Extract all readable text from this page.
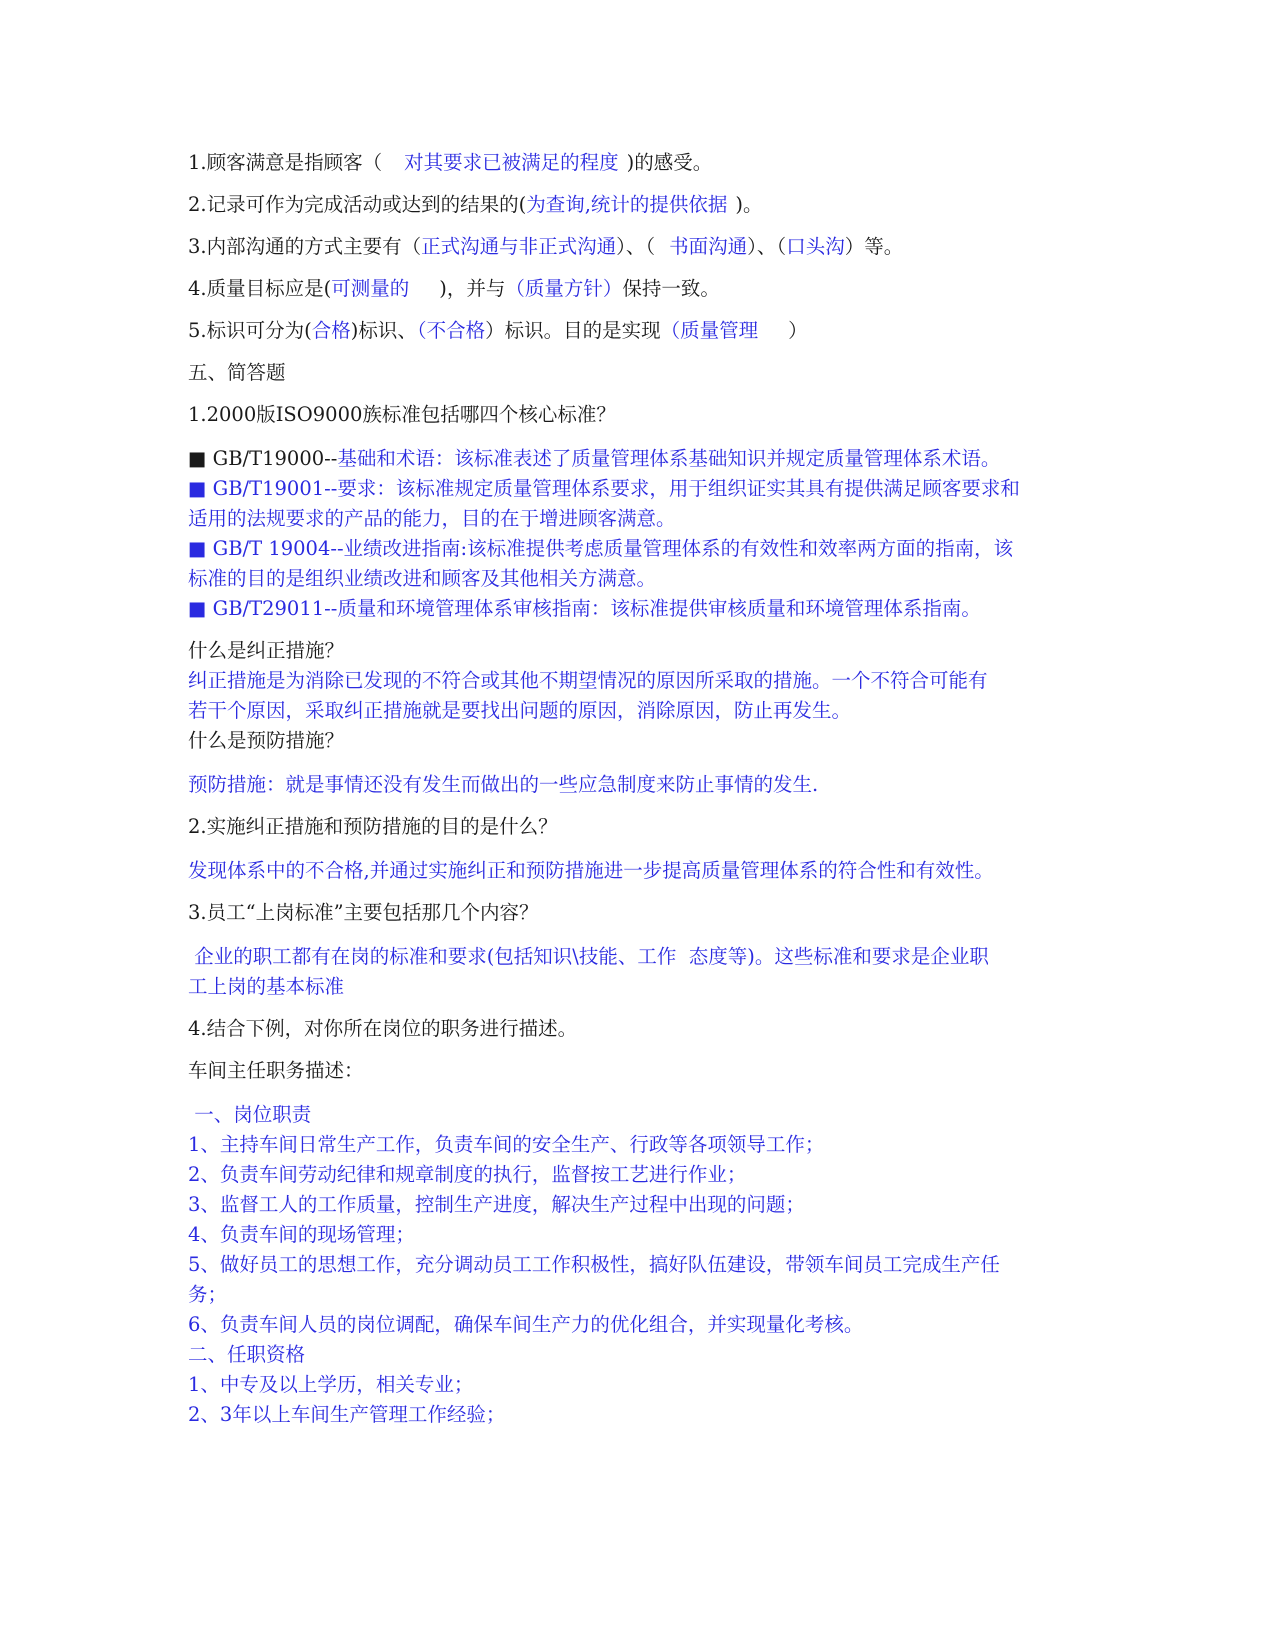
1.顾客满意是指顾客（ 对其要求已被满足的程度 )的感受。
2.记录可作为完成活动或达到的结果的(为查询,统计的提供依据 )。
3.内部沟通的方式主要有（正式沟通与非正式沟通）、（ 书面沟通）、（口头沟）等。
4.质量目标应是(可测量的 )，并与（质量方针）保持一致。
5.标识可分为(合格)标识、（不合格）标识。目的是实现（质量管理 ）
五、简答题
1.2000版ISO9000族标准包括哪四个核心标准？
■ GB/T19000--基础和术语：该标准表述了质量管理体系基础知识并规定质量管理体系术语。
■ GB/T19001--要求：该标准规定质量管理体系要求，用于组织证实其具有提供满足顾客要求和
适用的法规要求的产品的能力，目的在于增进顾客满意。
■ GB/T 19004--业绩改进指南:该标准提供考虑质量管理体系的有效性和效率两方面的指南，该
标准的目的是组织业绩改进和顾客及其他相关方满意。
■ GB/T29011--质量和环境管理体系审核指南：该标准提供审核质量和环境管理体系指南。
什么是纠正措施？
纠正措施是为消除已发现的不符合或其他不期望情况的原因所采取的措施。一个不符合可能有
若干个原因，采取纠正措施就是要找出问题的原因，消除原因，防止再发生。
什么是预防措施？
预防措施：就是事情还没有发生而做出的一些应急制度来防止事情的发生.
2.实施纠正措施和预防措施的目的是什么？
发现体系中的不合格,并通过实施纠正和预防措施进一步提高质量管理体系的符合性和有效性。
3.员工“上岗标准”主要包括那几个内容？
企业的职工都有在岗的标准和要求(包括知识\技能、工作  态度等)。这些标准和要求是企业职
工上岗的基本标准
4.结合下例，对你所在岗位的职务进行描述。
车间主任职务描述：
一、岗位职责
1、主持车间日常生产工作，负责车间的安全生产、行政等各项领导工作；
2、负责车间劳动纪律和规章制度的执行，监督按工艺进行作业；
3、监督工人的工作质量，控制生产进度，解决生产过程中出现的问题；
4、负责车间的现场管理；
5、做好员工的思想工作，充分调动员工工作积极性，搞好队伍建设，带领车间员工完成生产任
务；
6、负责车间人员的岗位调配，确保车间生产力的优化组合，并实现量化考核。
二、任职资格
1、中专及以上学历，相关专业；
2、3年以上车间生产管理工作经验；
